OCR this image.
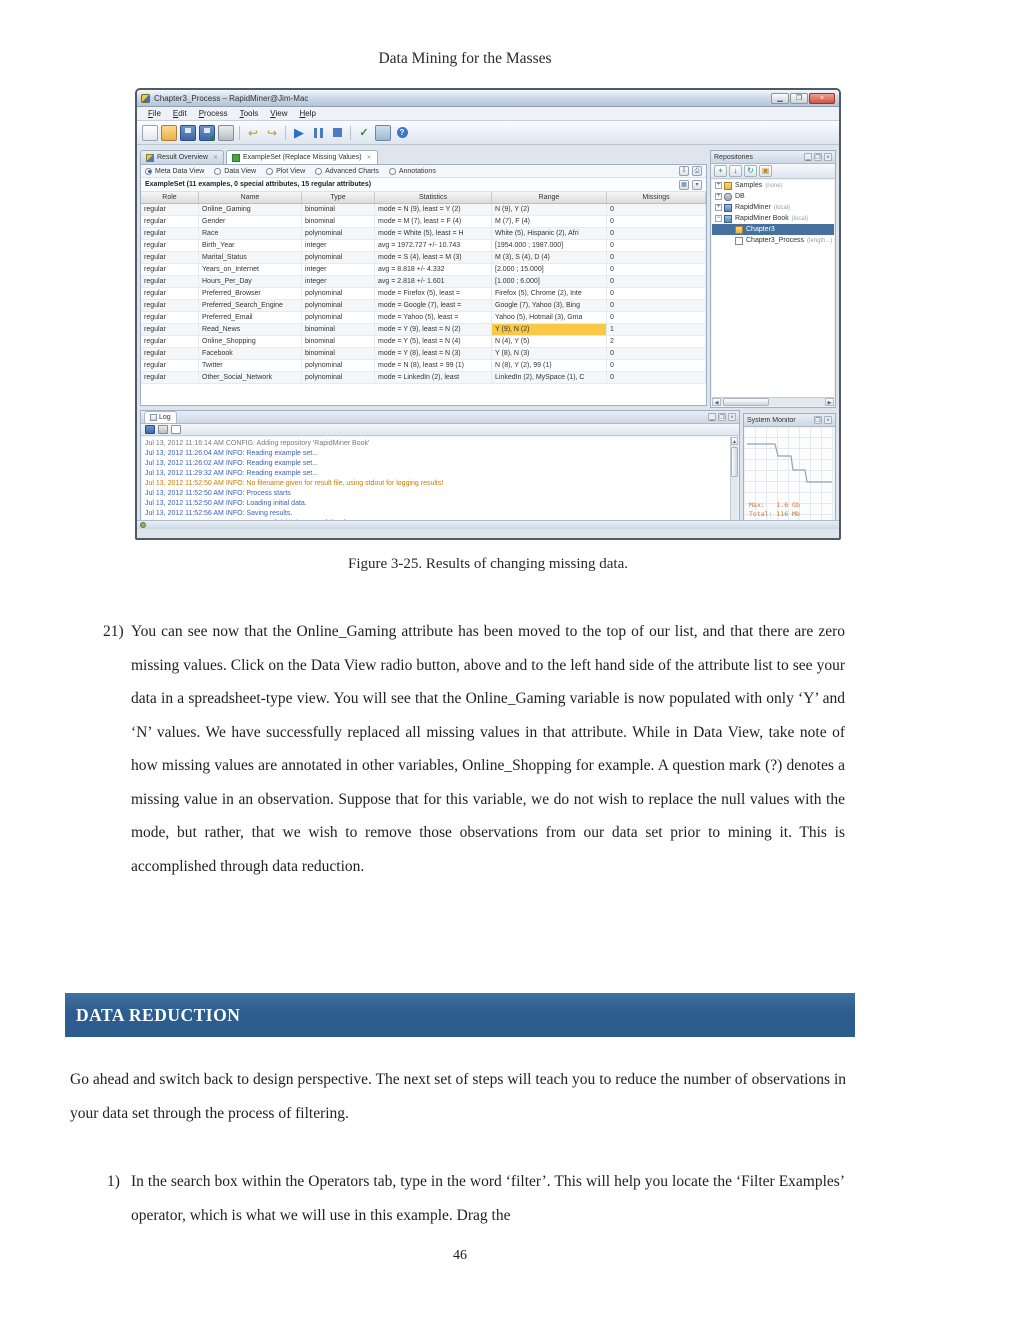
Data Mining for the Masses
Chapter3_Process – RapidMiner@Jim-Mac	▁	❐	×
File	Edit	Process	Tools	View	Help
+
↩
↪
▶
✓
?
Result Overview ✕	ExampleSet (Replace Missing Values) ✕
↧	⎙
Meta Data View	Data View	Plot View	Advanced Charts	Annotations
ExampleSet (11 examples, 0 special attributes, 15 regular attributes)	▦	▾
Role	Name	Type	Statistics	Range	Missings
regular	Online_Gaming	binominal	mode = N (9), least = Y (2)	N (9), Y (2)	0
regular	Gender	binominal	mode = M (7), least = F (4)	M (7), F (4)	0
regular	Race	polynominal	mode = White (5), least = H	White (5), Hispanic (2), Afri	0
regular	Birth_Year	integer	avg = 1972.727 +/- 10.743	[1954.000 ; 1987.000]	0
regular	Marital_Status	polynominal	mode = S (4), least = M (3)	M (3), S (4), D (4)	0
regular	Years_on_Internet	integer	avg = 8.818 +/- 4.332	[2.000 ; 15.000]	0
regular	Hours_Per_Day	integer	avg = 2.818 +/- 1.601	[1.000 ; 6.000]	0
regular	Preferred_Browser	polynominal	mode = Firefox (5), least =	Firefox (5), Chrome (2), Inte	0
regular	Preferred_Search_Engine	polynominal	mode = Google (7), least =	Google (7), Yahoo (3), Bing	0
regular	Preferred_Email	polynominal	mode = Yahoo (5), least =	Yahoo (5), Hotmail (3), Gma	0
regular	Read_News	binominal	mode = Y (9), least = N (2)	Y (9), N (2)	1
regular	Online_Shopping	binominal	mode = Y (5), least = N (4)	N (4), Y (5)	2
regular	Facebook	binominal	mode = Y (8), least = N (3)	Y (8), N (3)	0
regular	Twitter	polynominal	mode = N (8), least = 99 (1)	N (8), Y (2), 99 (1)	0
regular	Other_Social_Network	polynominal	mode = LinkedIn (2), least	LinkedIn (2), MySpace (1), C	0
Repositories	▁ ❐ ×
+	↓	↻ ▣
+
Samples (none)
+
DB
+
RapidMiner (local)
−
RapidMiner Book (local)
Chapter3
Chapter3_Process (length...)
◀	▶
Log	▁ ❐ ×
Jul 13, 2012 11:16:14 AM CONFIG: Adding repository 'RapidMiner Book'
Jul 13, 2012 11:26:04 AM INFO: Reading example set...
Jul 13, 2012 11:26:02 AM INFO: Reading example set...
Jul 13, 2012 11:29:32 AM INFO: Reading example set...
Jul 13, 2012 11:52:50 AM INFO: No filename given for result file, using stdout for logging results!
Jul 13, 2012 11:52:50 AM INFO: Process starts
Jul 13, 2012 11:52:50 AM INFO: Loading initial data.
Jul 13, 2012 11:52:56 AM INFO: Saving results.
▲
System Monitor	❐ ×
Max:   1.6 Gb
Total: 116 Mb
Figure 3-25. Results of changing missing data.
21) You can see now that the Online_Gaming attribute has been moved to the top of our list, and that there are zero missing values. Click on the Data View radio button, above and to the left hand side of the attribute list to see your data in a spreadsheet-type view. You will see that the Online_Gaming variable is now populated with only ‘Y’ and ‘N’ values. We have successfully replaced all missing values in that attribute. While in Data View, take note of how missing values are annotated in other variables, Online_Shopping for example. A question mark (?) denotes a missing value in an observation. Suppose that for this variable, we do not wish to replace the null values with the mode, but rather, that we wish to remove those observations from our data set prior to mining it. This is accomplished through data reduction.
DATA REDUCTION
Go ahead and switch back to design perspective. The next set of steps will teach you to reduce the number of observations in your data set through the process of filtering.
1) In the search box within the Operators tab, type in the word ‘filter’. This will help you locate the ‘Filter Examples’ operator, which is what we will use in this example. Drag the
46
